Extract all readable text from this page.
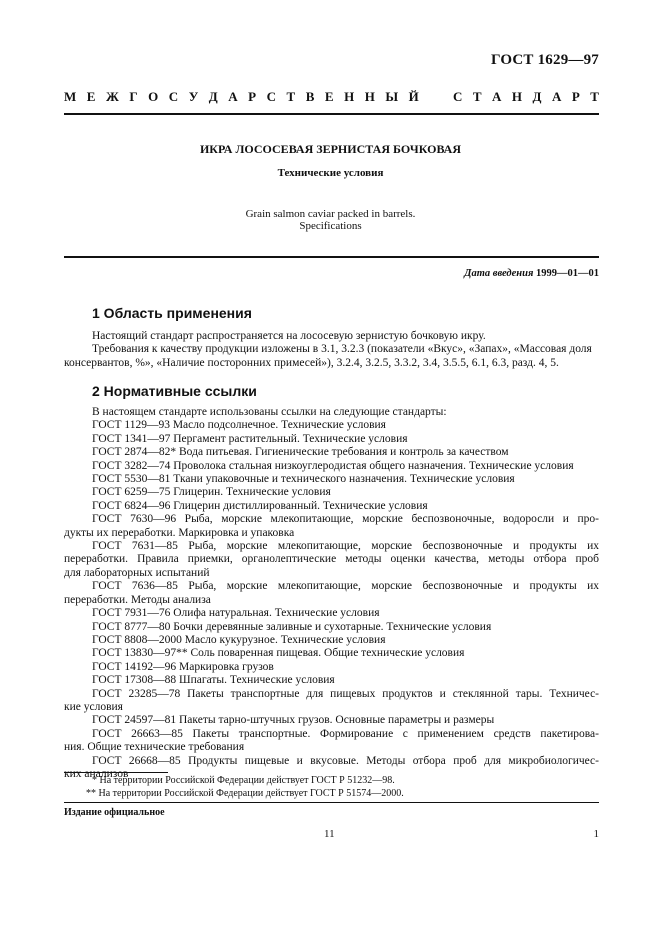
ГОСТ 1629—97
М Е Ж Г О С У Д А Р С Т В Е Н Н Ы Й	С Т А Н Д А Р Т
ИКРА ЛОСОСЕВАЯ ЗЕРНИСТАЯ БОЧКОВАЯ
Технические условия
Grain salmon caviar packed in barrels.
Specifications
Дата введения 1999—01—01
1 Область применения
Настоящий стандарт распространяется на лососевую зернистую бочковую икру.
Требования к качеству продукции изложены в 3.1, 3.2.3 (показатели «Вкус», «Запах», «Массовая доля
консервантов, %», «Наличие посторонних примесей»), 3.2.4, 3.2.5, 3.3.2, 3.4, 3.5.5, 6.1, 6.3, разд. 4, 5.
2 Нормативные ссылки
В настоящем стандарте использованы ссылки на следующие стандарты:
ГОСТ 1129—93 Масло подсолнечное. Технические условия
ГОСТ 1341—97 Пергамент растительный. Технические условия
ГОСТ 2874—82* Вода питьевая. Гигиенические требования и контроль за качеством
ГОСТ 3282—74 Проволока стальная низкоуглеродистая общего назначения. Технические условия
ГОСТ 5530—81 Ткани упаковочные и технического назначения. Технические условия
ГОСТ 6259—75 Глицерин. Технические условия
ГОСТ 6824—96 Глицерин дистиллированный. Технические условия
ГОСТ 7630—96 Рыба, морские млекопитающие, морские беспозвоночные, водоросли и про-
дукты их переработки. Маркировка и упаковка
ГОСТ 7631—85 Рыба, морские млекопитающие, морские беспозвоночные и продукты их
переработки. Правила приемки, органолептические методы оценки качества, методы отбора проб
для лабораторных испытаний
ГОСТ 7636—85 Рыба, морские млекопитающие, морские беспозвоночные и продукты их
переработки. Методы анализа
ГОСТ 7931—76 Олифа натуральная. Технические условия
ГОСТ 8777—80 Бочки деревянные заливные и сухотарные. Технические условия
ГОСТ 8808—2000 Масло кукурузное. Технические условия
ГОСТ 13830—97** Соль поваренная пищевая. Общие технические условия
ГОСТ 14192—96 Маркировка грузов
ГОСТ 17308—88 Шпагаты. Технические условия
ГОСТ 23285—78 Пакеты транспортные для пищевых продуктов и стеклянной тары. Техничес-
кие условия
ГОСТ 24597—81 Пакеты тарно-штучных грузов. Основные параметры и размеры
ГОСТ 26663—85 Пакеты транспортные. Формирование с применением средств пакетирова-
ния. Общие технические требования
ГОСТ 26668—85 Продукты пищевые и вкусовые. Методы отбора проб для микробиологичес-
ких анализов
* На территории Российской Федерации действует ГОСТ Р 51232—98.
** На территории Российской Федерации действует ГОСТ Р 51574—2000.
Издание официальное
11	1
